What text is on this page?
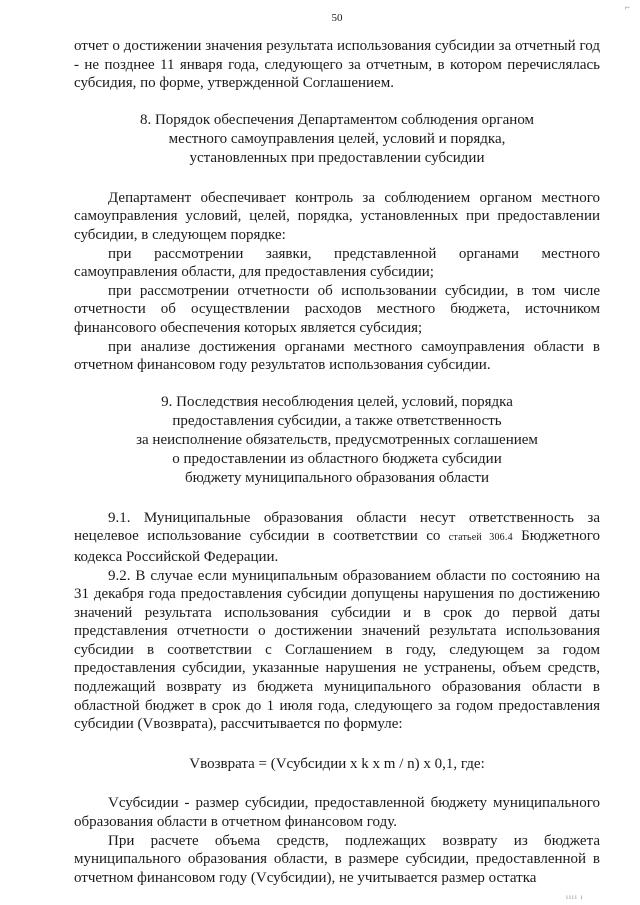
⌐
50

отчет о достижении значения результата использования субсидии за отчетный год - не позднее 11 января года, следующего за отчетным, в котором перечислялась субсидия, по форме, утвержденной Соглашением.

8. Порядок обеспечения Департаментом соблюдения органом

местного самоуправления целей, условий и порядка,

установленных при предоставлении субсидии

Департамент обеспечивает контроль за соблюдением органом местного самоуправления условий, целей, порядка, установленных при предоставлении субсидии, в следующем порядке:

при рассмотрении заявки, представленной органами местного самоуправления области, для предоставления субсидии;

при рассмотрении отчетности об использовании субсидии, в том числе отчетности об осуществлении расходов местного бюджета, источником финансового обеспечения которых является субсидия;

при анализе достижения органами местного самоуправления области в отчетном финансовом году результатов использования субсидии.

9. Последствия несоблюдения целей, условий, порядка

предоставления субсидии, а также ответственность

за неисполнение обязательств, предусмотренных соглашением

о предоставлении из областного бюджета субсидии

бюджету муниципального образования области

9.1. Муниципальные образования области несут ответственность за нецелевое использование субсидии в соответствии со статьей 306.4 Бюджетного кодекса Российской Федерации.

9.2. В случае если муниципальным образованием области по состоянию на 31 декабря года предоставления субсидии допущены нарушения по достижению значений результата использования субсидии и в срок до первой даты представления отчетности о достижении значений результата использования субсидии в соответствии с Соглашением в году, следующем за годом предоставления субсидии, указанные нарушения не устранены, объем средств, подлежащий возврату из бюджета муниципального образования области в областной бюджет в срок до 1 июля года, следующего за годом предоставления субсидии (Vвозврата), рассчитывается по формуле:

Vвозврата = (Vсубсидии x k x m / n) x 0,1, где:

Vсубсидии - размер субсидии, предоставленной бюджету муниципального образования области в отчетном финансовом году.

При расчете объема средств, подлежащих возврату из бюджета муниципального образования области, в размере субсидии, предоставленной в отчетном финансовом году (Vсубсидии), не учитывается размер остатка

ıııı ı
